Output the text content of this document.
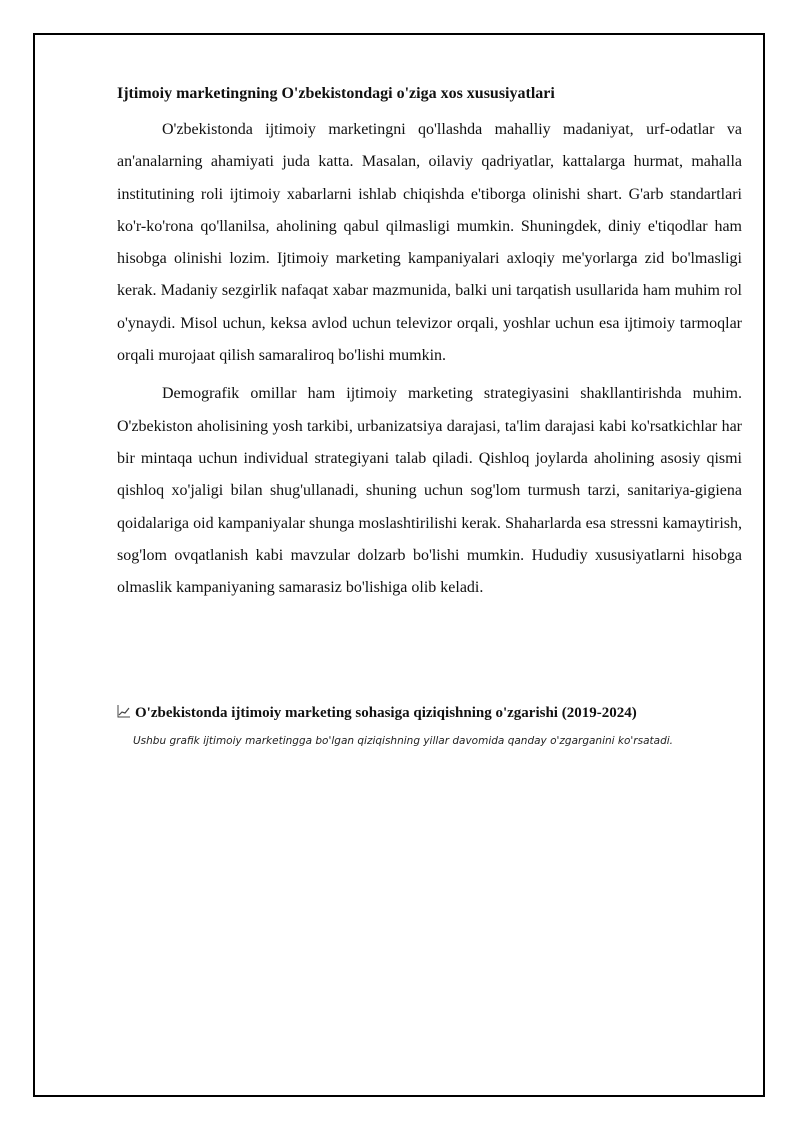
Ijtimoiy marketingning O'zbekistondagi o'ziga xos xususiyatlari

O'zbekistonda ijtimoiy marketingni qo'llashda mahalliy madaniyat, urf-odatlar va an'analarning ahamiyati juda katta. Masalan, oilaviy qadriyatlar, kattalarga hurmat, mahalla institutining roli ijtimoiy xabarlarni ishlab chiqishda e'tiborga olinishi shart. G'arb standartlari ko'r-ko'rona qo'llanilsa, aholining qabul qilmasligi mumkin. Shuningdek, diniy e'tiqodlar ham hisobga olinishi lozim. Ijtimoiy marketing kampaniyalari axloqiy me'yorlarga zid bo'lmasligi kerak. Madaniy sezgirlik nafaqat xabar mazmunida, balki uni tarqatish usullarida ham muhim rol o'ynaydi. Misol uchun, keksa avlod uchun televizor orqali, yoshlar uchun esa ijtimoiy tarmoqlar orqali murojaat qilish samaraliroq bo'lishi mumkin.

Demografik omillar ham ijtimoiy marketing strategiyasini shakllantirishda muhim. O'zbekiston aholisining yosh tarkibi, urbanizatsiya darajasi, ta'lim darajasi kabi ko'rsatkichlar har bir mintaqa uchun individual strategiyani talab qiladi. Qishloq joylarda aholining asosiy qismi qishloq xo'jaligi bilan shug'ullanadi, shuning uchun sog'lom turmush tarzi, sanitariya-gigiena qoidalariga oid kampaniyalar shunga moslashtirilishi kerak. Shaharlarda esa stressni kamaytirish, sog'lom ovqatlanish kabi mavzular dolzarb bo'lishi mumkin. Hududiy xususiyatlarni hisobga olmaslik kampaniyaning samarasiz bo'lishiga olib keladi.

O'zbekistonda ijtimoiy marketing sohasiga qiziqishning o'zgarishi (2019-2024)
Ushbu grafik ijtimoiy marketingga bo'lgan qiziqishning yillar davomida qanday o'zgarganini ko'rsatadi.
